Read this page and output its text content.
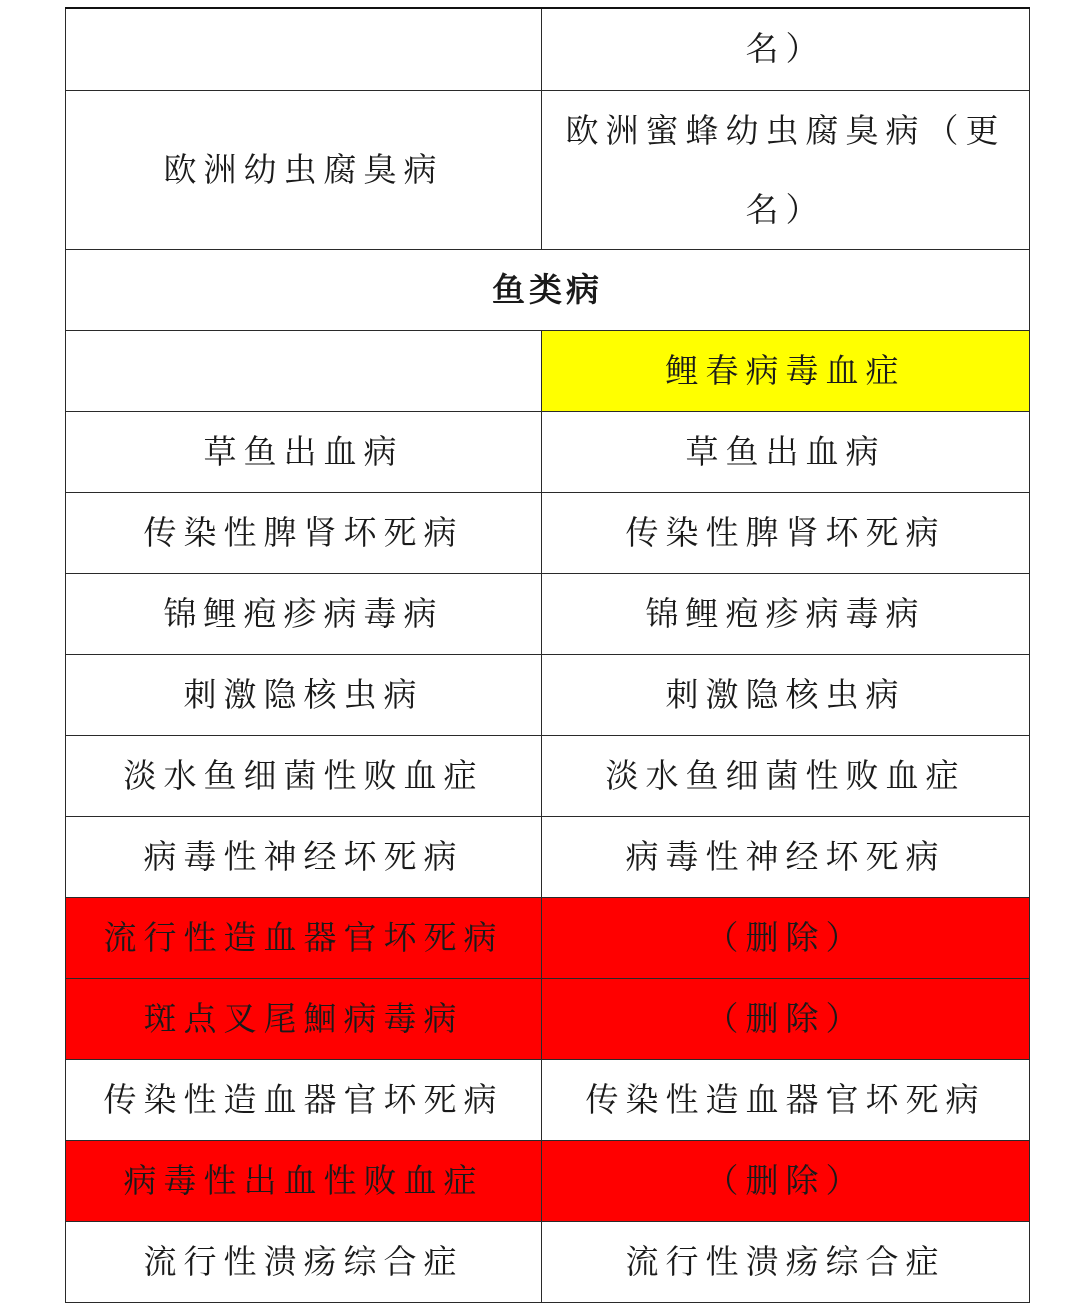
	名）
欧洲幼虫腐臭病	欧洲蜜蜂幼虫腐臭病（更名）

鱼类病	
	鲤春病毒血症
草鱼出血病	草鱼出血病
传染性脾肾坏死病	传染性脾肾坏死病
锦鲤疱疹病毒病	锦鲤疱疹病毒病
刺激隐核虫病	刺激隐核虫病
淡水鱼细菌性败血症	淡水鱼细菌性败血症
病毒性神经坏死病	病毒性神经坏死病
流行性造血器官坏死病	（删除）
斑点叉尾鮰病毒病	（删除）
传染性造血器官坏死病	传染性造血器官坏死病
病毒性出血性败血症	（删除）
流行性溃疡综合症	流行性溃疡综合症
